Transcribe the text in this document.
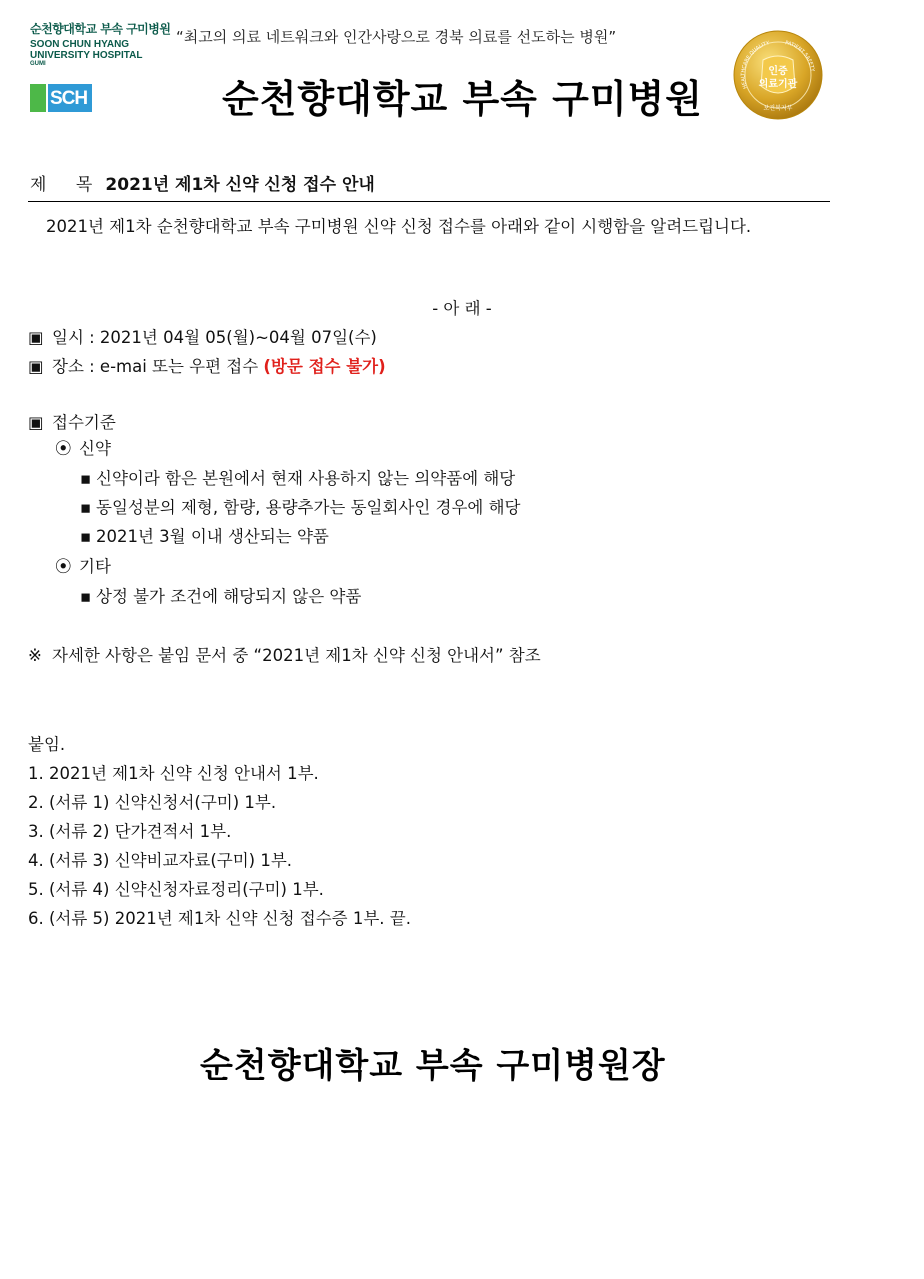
순천향대학교 부속 구미병원
SOON CHUN HYANG
UNIVERSITY HOSPITAL
GUMI
SCH
“최고의 의료 네트워크와 인간사랑으로 경북 의료를 선도하는 병원”
순천향대학교 부속 구미병원
인증
의료기관
HEALTHCARE QUALITY	PATIENT SAFETY
보건복지부
제 목 2021년 제1차 신약 신청 접수 안내
2021년 제1차 순천향대학교 부속 구미병원 신약 신청 접수를 아래와 같이 시행함을 알려드립니다.
- 아 래 -
▣ 일시 : 2021년 04월 05(월)~04월 07일(수)
▣ 장소 : e-mai 또는 우편 접수 (방문 접수 불가)
▣ 접수기준
⦿ 신약
▪ 신약이라 함은 본원에서 현재 사용하지 않는 의약품에 해당
▪ 동일성분의 제형, 함량, 용량추가는 동일회사인 경우에 해당
▪ 2021년 3월 이내 생산되는 약품
⦿ 기타
▪ 상정 불가 조건에 해당되지 않은 약품
※ 자세한 사항은 붙임 문서 중 “2021년 제1차 신약 신청 안내서” 참조
붙임.
1. 2021년 제1차 신약 신청 안내서 1부.
2. (서류 1) 신약신청서(구미) 1부.
3. (서류 2) 단가견적서 1부.
4. (서류 3) 신약비교자료(구미) 1부.
5. (서류 4) 신약신청자료정리(구미) 1부.
6. (서류 5) 2021년 제1차 신약 신청 접수증 1부. 끝.
순천향대학교 부속 구미병원장
